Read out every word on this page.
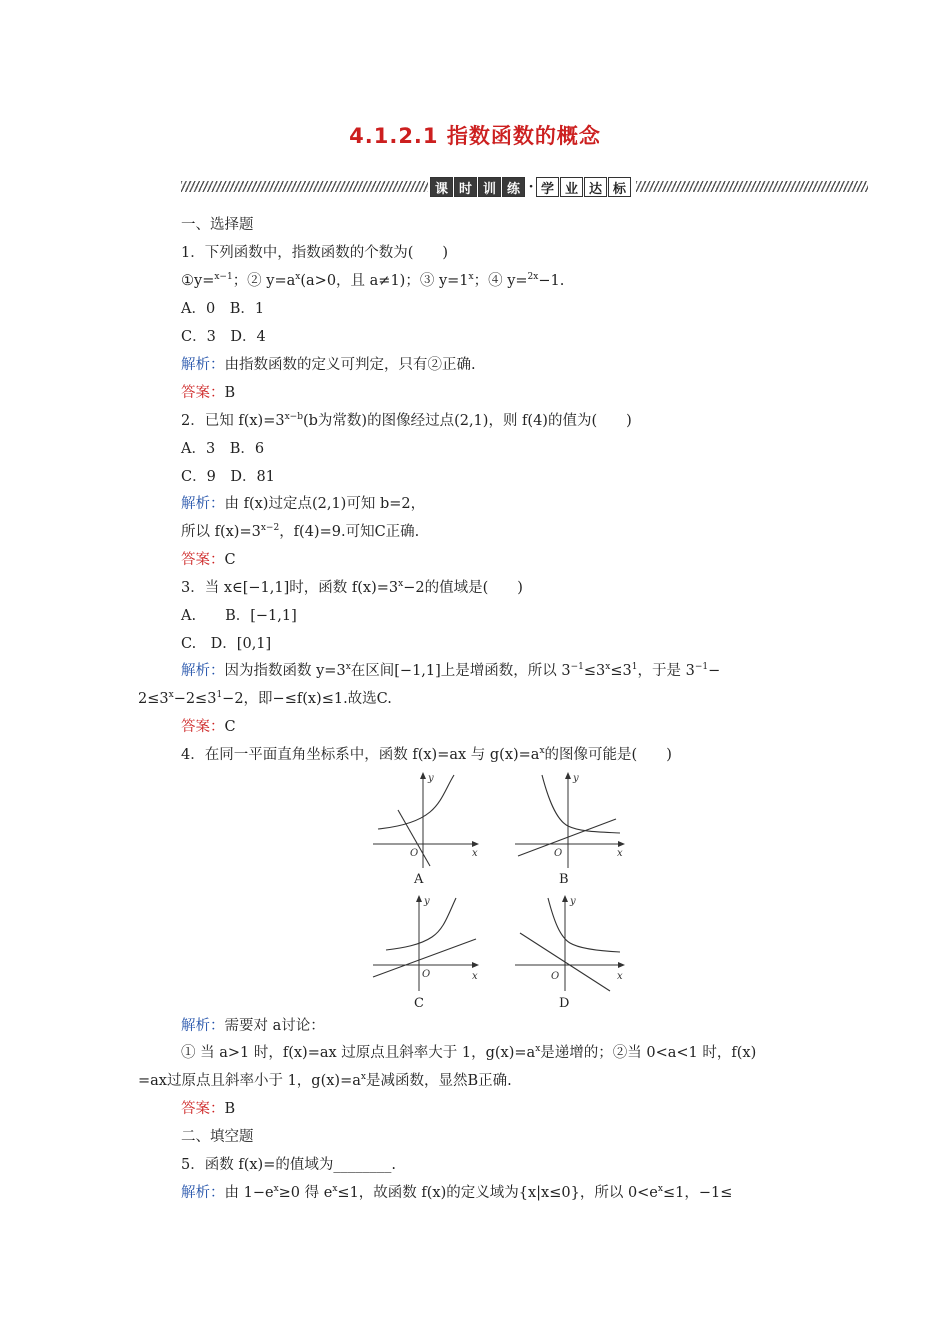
4.1.2.1 指数函数的概念
课 时 训 练 · 学 业 达 标
一、选择题
1．下列函数中，指数函数的个数为(　　)
①y=$^{x-1}$；② $y=a^x(a>0$，且 a≠1)；③ $y=1^x$；④ y=$^{2x}$−1.
A．0　B．1
C．3　D．4
解析：由指数函数的定义可判定，只有②正确.
答案：B
2．已知 $f(x)=3^{x-b}(b$为常数)的图像经过点(2,1)，则 f(4)的值为(　　)
A．3　B．6
C．9　D．81
解析：由 f(x)过定点(2,1)可知 b=2，
所以 $f(x)=3^{x-2}$，f(4)=9.可知C正确.
答案：C
3．当 x∈[−1,1]时，函数 $f(x)=3^x-2$的值域是(　　)
A.　　B．[−1,1]
C.　D．[0,1]
解析：因为指数函数 $y=3^x$在区间[−1,1]上是增函数，所以 $3^{-1}\le 3^x\le 3^1$，于是 $3^{-1}-$
$2\le 3^x-2\le 3^1-2$，即−≤f(x)≤1.故选C.
答案：C
4．在同一平面直角坐标系中，函数 f(x)=ax 与 $g(x)=a^x$的图像可能是(　　)
y
x
O
A
y
x
O
B
y
x
O
C
y
x
O
D
解析：需要对 a讨论：
① 当 a>1 时，f(x)=ax 过原点且斜率大于 1，$g(x)=a^x$是递增的；②当 0<a<1 时，f(x)
=ax过原点且斜率小于 1，$g(x)=a^x$是减函数，显然B正确.
答案：B
二、填空题
5．函数 f(x)=的值域为________.
解析：由 $1-e^x\ge 0$ 得 $e^x\le 1$，故函数 f(x)的定义域为{x|x≤0}，所以 $0<e^x\le 1$，−1≤
